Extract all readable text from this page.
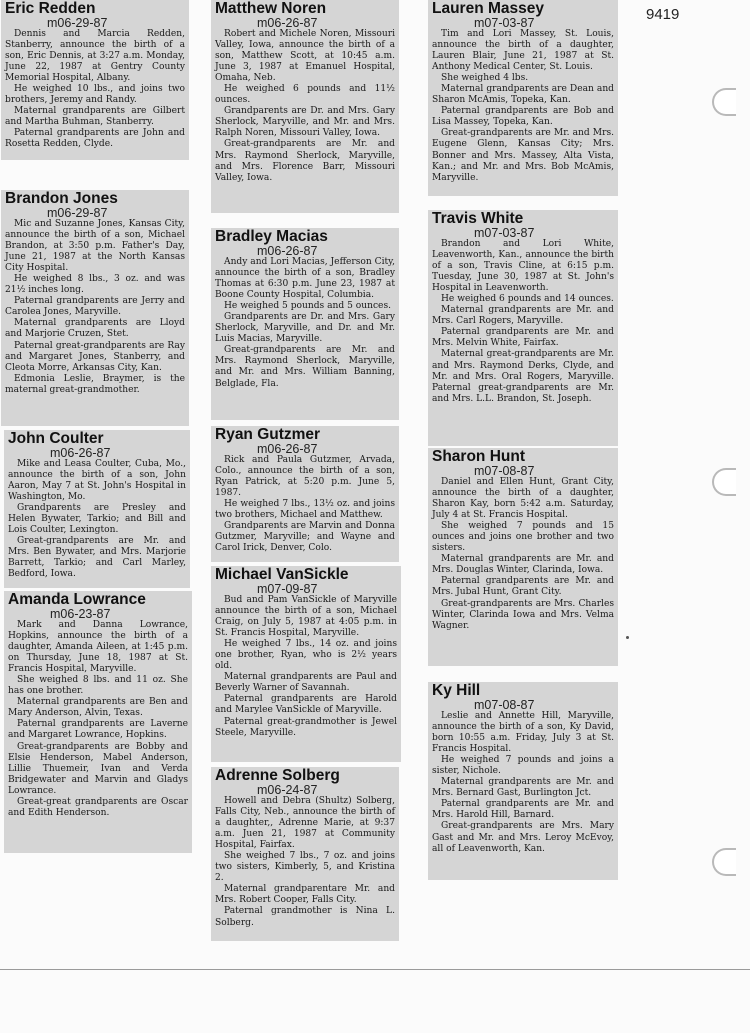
9419
Eric Redden
m06-29-87

Dennis and Marcia Redden, Stanberry, announce the birth of a son, Eric Dennis, at 3:27 a.m. Monday, June 22, 1987 at Gentry County Memorial Hospital, Albany.

He weighed 10 lbs., and joins two brothers, Jeremy and Randy.

Maternal grandparents are Gilbert and Martha Buhman, Stanberry.

Paternal grandparents are John and Rosetta Redden, Clyde.

Brandon Jones
m06-29-87

Mic and Suzanne Jones, Kansas City, announce the birth of a son, Michael Brandon, at 3:50 p.m. Father's Day, June 21, 1987 at the North Kansas City Hospital.

He weighed 8 lbs., 3 oz. and was 21½ inches long.

Paternal grandparents are Jerry and Carolea Jones, Maryville.

Maternal grandparents are Lloyd and Marjorie Cruzen, Stet.

Paternal great-grandparents are Ray and Margaret Jones, Stanberry, and Cleota Morre, Arkansas City, Kan.

Edmonia Leslie, Braymer, is the maternal great-grandmother.

John Coulter
m06-26-87

Mike and Leasa Coulter, Cuba, Mo., announce the birth of a son, John Aaron, May 7 at St. John's Hospital in Washington, Mo.

Grandparents are Presley and Helen Bywater, Tarkio; and Bill and Lois Coulter, Lexington.

Great-grandparents are Mr. and Mrs. Ben Bywater, and Mrs. Marjorie Barrett, Tarkio; and Carl Marley, Bedford, Iowa.

Amanda Lowrance
m06-23-87

Mark and Danna Lowrance, Hopkins, announce the birth of a daughter, Amanda Aileen, at 1:45 p.m. on Thursday, June 18, 1987 at St. Francis Hospital, Maryville.

She weighed 8 lbs. and 11 oz. She has one brother.

Maternal grandparents are Ben and Mary Anderson, Alvin, Texas.

Paternal grandparents are Laverne and Margaret Lowrance, Hopkins.

Great-grandparents are Bobby and Elsie Henderson, Mabel Anderson, Lillie Thuemeir, Ivan and Verda Bridgewater and Marvin and Gladys Lowrance.

Great-great grandparents are Oscar and Edith Henderson.

Matthew Noren
m06-26-87

Robert and Michele Noren, Missouri Valley, Iowa, announce the birth of a son, Matthew Scott, at 10:45 a.m. June 3, 1987 at Emanuel Hospital, Omaha, Neb.

He weighed 6 pounds and 11½ ounces.

Grandparents are Dr. and Mrs. Gary Sherlock, Maryville, and Mr. and Mrs. Ralph Noren, Missouri Valley, Iowa.

Great-grandparents are Mr. and Mrs. Raymond Sherlock, Maryville, and Mrs. Florence Barr, Missouri Valley, Iowa.

Bradley Macias
m06-26-87

Andy and Lori Macias, Jefferson City, announce the birth of a son, Bradley Thomas at 6:30 p.m. June 23, 1987 at Boone County Hospital, Columbia.

He weighed 5 pounds and 5 ounces.

Grandparents are Dr. and Mrs. Gary Sherlock, Maryville, and Dr. and Mr. Luis Macias, Maryville.

Great-grandparents are Mr. and Mrs. Raymond Sherlock, Maryville, and Mr. and Mrs. William Banning, Belglade, Fla.

Ryan Gutzmer
m06-26-87

Rick and Paula Gutzmer, Arvada, Colo., announce the birth of a son, Ryan Patrick, at 5:20 p.m. June 5, 1987.

He weighed 7 lbs., 13½ oz. and joins two brothers, Michael and Matthew.

Grandparents are Marvin and Donna Gutzmer, Maryville; and Wayne and Carol Irick, Denver, Colo.

Michael VanSickle
m07-09-87

Bud and Pam VanSickle of Maryville announce the birth of a son, Michael Craig, on July 5, 1987 at 4:05 p.m. in St. Francis Hospital, Maryville.

He weighed 7 lbs., 14 oz. and joins one brother, Ryan, who is 2½ years old.

Maternal grandparents are Paul and Beverly Warner of Savannah.

Paternal grandparents are Harold and Marylee VanSickle of Maryville.

Paternal great-grandmother is Jewel Steele, Maryville.

Adrenne Solberg
m06-24-87

Howell and Debra (Shultz) Solberg, Falls City, Neb., announce the birth of a daughter,, Adrenne Marie, at 9:37 a.m. Juen 21, 1987 at Community Hospital, Fairfax.

She weighed 7 lbs., 7 oz. and joins two sisters, Kimberly, 5, and Kristina 2.

Maternal grandparentare Mr. and Mrs. Robert Cooper, Falls City.

Paternal grandmother is Nina L. Solberg.

Lauren Massey
m07-03-87

Tim and Lori Massey, St. Louis, announce the birth of a daughter, Lauren Blair, June 21, 1987 at St. Anthony Medical Center, St. Louis.

She weighed 4 lbs.

Maternal grandparents are Dean and Sharon McAmis, Topeka, Kan.

Paternal grandparents are Bob and Lisa Massey, Topeka, Kan.

Great-grandparents are Mr. and Mrs. Eugene Glenn, Kansas City; Mrs. Bonner and Mrs. Massey, Alta Vista, Kan.; and Mr. and Mrs. Bob McAmis, Maryville.

Travis White
m07-03-87

Brandon and Lori White, Leavenworth, Kan., announce the birth of a son, Travis Cline, at 6:15 p.m. Tuesday, June 30, 1987 at St. John's Hospital in Leavenworth.

He weighed 6 pounds and 14 ounces.

Maternal grandparents are Mr. and Mrs. Carl Rogers, Maryville.

Paternal grandparents are Mr. and Mrs. Melvin White, Fairfax.

Maternal great-grandparents are Mr. and Mrs. Raymond Derks, Clyde, and Mr. and Mrs. Oral Rogers, Maryville. Paternal great-grandparents are Mr. and Mrs. L.L. Brandon, St. Joseph.

Sharon Hunt
m07-08-87

Daniel and Ellen Hunt, Grant City, announce the birth of a daughter, Sharon Kay, born 5:42 a.m. Saturday, July 4 at St. Francis Hospital.

She weighed 7 pounds and 15 ounces and joins one brother and two sisters.

Maternal grandparents are Mr. and Mrs. Douglas Winter, Clarinda, Iowa.

Paternal grandparents are Mr. and Mrs. Jubal Hunt, Grant City.

Great-grandparents are Mrs. Charles Winter, Clarinda Iowa and Mrs. Velma Wagner.

Ky Hill
m07-08-87

Leslie and Annette Hill, Maryville, announce the birth of a son, Ky David, born 10:55 a.m. Friday, July 3 at St. Francis Hospital.

He weighed 7 pounds and joins a sister, Nichole.

Maternal grandparents are Mr. and Mrs. Bernard Gast, Burlington Jct.

Paternal grandparents are Mr. and Mrs. Harold Hill, Barnard.

Great-grandparents are Mrs. Mary Gast and Mr. and Mrs. Leroy McEvoy, all of Leavenworth, Kan.
